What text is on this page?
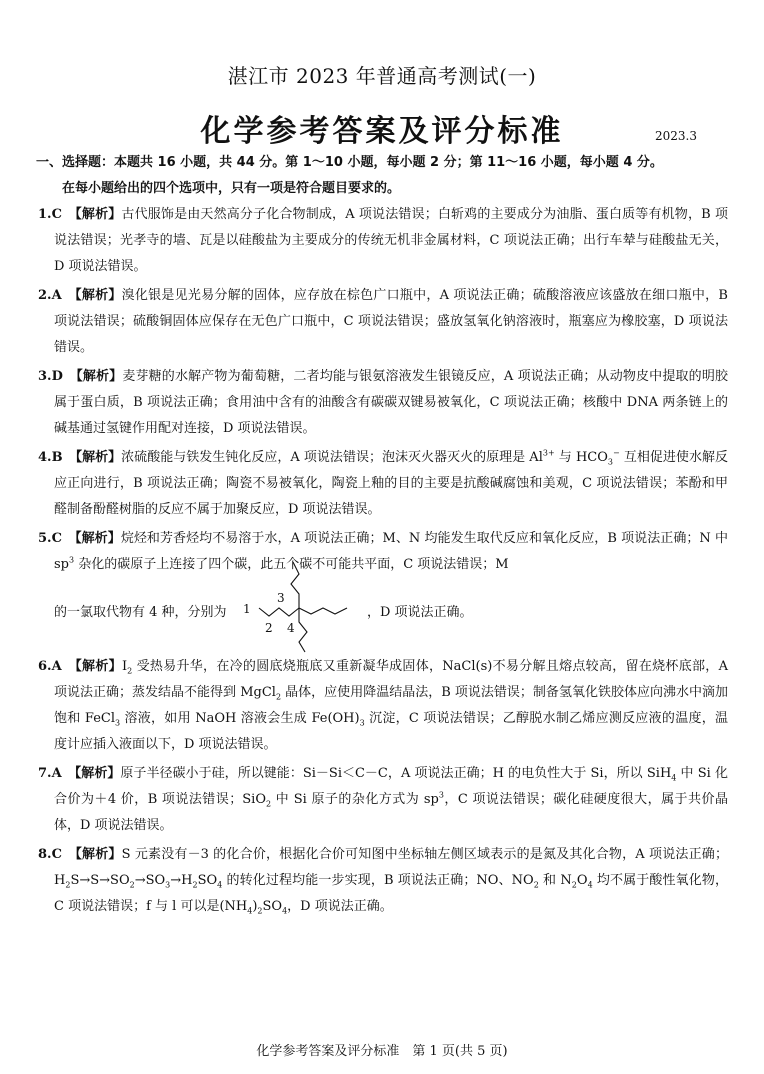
湛江市 2023 年普通高考测试(一)
化学参考答案及评分标准	2023.3
一、选择题：本题共 16 小题，共 44 分。第 1～10 小题，每小题 2 分；第 11～16 小题，每小题 4 分。
在每小题给出的四个选项中，只有一项是符合题目要求的。
1.C　 【解析】古代服饰是由天然高分子化合物制成，A 项说法错误；白斩鸡的主要成分为油脂、蛋白质等有机物，B 项说法错误；光孝寺的墙、瓦是以硅酸盐为主要成分的传统无机非金属材料，C 项说法正确；出行车辇与硅酸盐无关，D 项说法错误。
2.A　 【解析】溴化银是见光易分解的固体，应存放在棕色广口瓶中，A 项说法正确；硫酸溶液应该盛放在细口瓶中，B 项说法错误；硫酸铜固体应保存在无色广口瓶中，C 项说法错误；盛放氢氧化钠溶液时，瓶塞应为橡胶塞，D 项说法错误。
3.D　 【解析】麦芽糖的水解产物为葡萄糖，二者均能与银氨溶液发生银镜反应，A 项说法正确；从动物皮中提取的明胶属于蛋白质，B 项说法正确；食用油中含有的油酸含有碳碳双键易被氧化，C 项说法正确；核酸中 DNA 两条链上的碱基通过氢键作用配对连接，D 项说法错误。
4.B　 【解析】浓硫酸能与铁发生钝化反应，A 项说法错误；泡沫灭火器灭火的原理是 $Al^{3+}$ 与 $HCO_3^-$ 互相促进使水解反应正向进行，B 项说法正确；陶瓷不易被氧化，陶瓷上釉的目的主要是抗酸碱腐蚀和美观，C 项说法错误；苯酚和甲醛制备酚醛树脂的反应不属于加聚反应，D 项说法错误。
5.C　 【解析】烷烃和芳香烃均不易溶于水，A 项说法正确；M、N 均能发生取代反应和氧化反应，B 项说法正确；N 中 $sp^3$ 杂化的碳原子上连接了四个碳，此五个碳不可能共平面，C 项说法错误；M
的一氯取代物有 4 种，分别为 1
2
3
4
，D 项说法正确。
6.A　 【解析】$I_2$ 受热易升华，在冷的圆底烧瓶底又重新凝华成固体，NaCl(s)不易分解且熔点较高，留在烧杯底部，A 项说法正确；蒸发结晶不能得到 MgCl$_2$ 晶体，应使用降温结晶法，B 项说法错误；制备氢氧化铁胶体应向沸水中滴加饱和 FeCl$_3$ 溶液，如用 NaOH 溶液会生成 $Fe(OH)_3$ 沉淀，C 项说法错误；乙醇脱水制乙烯应测反应液的温度，温度计应插入液面以下，D 项说法错误。
7.A　 【解析】原子半径碳小于硅，所以键能：Si－Si＜C－C，A 项说法正确；H 的电负性大于 Si，所以 SiH$_4$ 中 Si 化合价为＋4 价，B 项说法错误；SiO$_2$ 中 Si 原子的杂化方式为 $sp^3$，C 项说法错误；碳化硅硬度很大，属于共价晶体，D 项说法错误。
8.C　 【解析】S 元素没有－3 的化合价，根据化合价可知图中坐标轴左侧区域表示的是氮及其化合物，A 项说法正确；$H_2S\to S\to SO_2\to SO_3\to H_2SO_4$ 的转化过程均能一步实现，B 项说法正确；NO、$NO_2$ 和 $N_2O_4$ 均不属于酸性氧化物，C 项说法错误；f 与 l 可以是$(NH_4)_2SO_4$，D 项说法正确。
化学参考答案及评分标准　第 1 页(共 5 页)
